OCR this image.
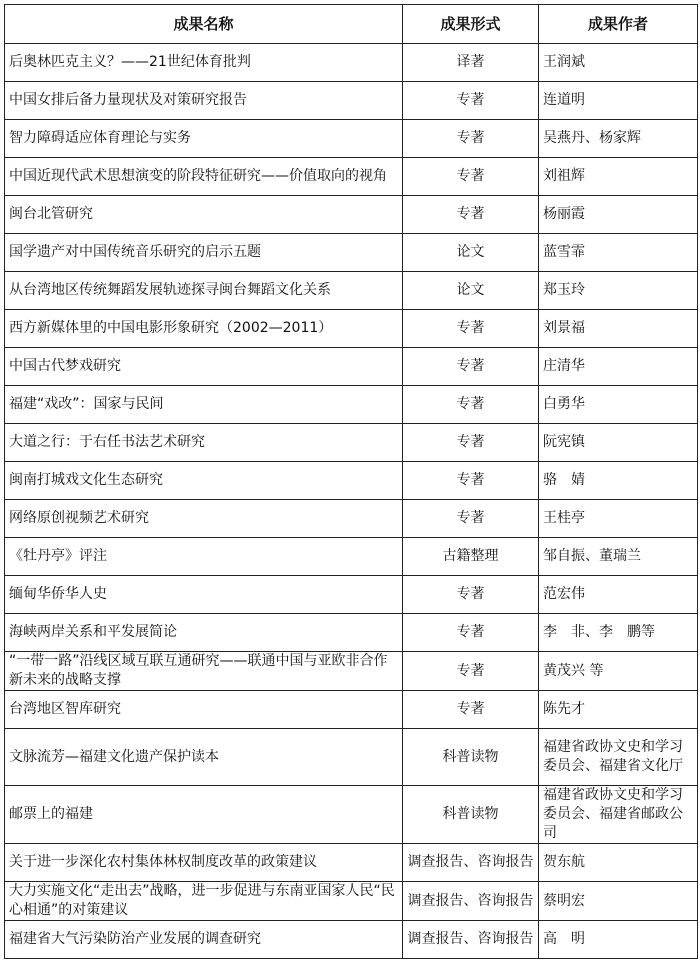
成果名称	成果形式	成果作者
后奥林匹克主义？——21世纪体育批判	译著	王润斌
中国女排后备力量现状及对策研究报告	专著	连道明
智力障碍适应体育理论与实务	专著	吴燕丹、杨家辉
中国近现代武术思想演变的阶段特征研究——价值取向的视角	专著	刘祖辉
闽台北管研究	专著	杨丽霞
国学遗产对中国传统音乐研究的启示五题	论文	蓝雪霏
从台湾地区传统舞蹈发展轨迹探寻闽台舞蹈文化关系	论文	郑玉玲
西方新媒体里的中国电影形象研究（2002—2011）	专著	刘景福
中国古代梦戏研究	专著	庄清华
福建“戏改”：国家与民间	专著	白勇华
大道之行：于右任书法艺术研究	专著	阮宪镇
闽南打城戏文化生态研究	专著	骆　婧
网络原创视频艺术研究	专著	王桂亭
《牡丹亭》评注	古籍整理	邹自振、董瑞兰
缅甸华侨华人史	专著	范宏伟
海峡两岸关系和平发展简论	专著	李　非、李　鹏等
“一带一路”沿线区域互联互通研究——联通中国与亚欧非合作新未来的战略支撑	专著	黄茂兴 等
台湾地区智库研究	专著	陈先才
文脉流芳—福建文化遗产保护读本	科普读物	福建省政协文史和学习委员会、福建省文化厅
邮票上的福建	科普读物	福建省政协文史和学习委员会、福建省邮政公司
关于进一步深化农村集体林权制度改革的政策建议	调查报告、咨询报告	贺东航
大力实施文化“走出去”战略，进一步促进与东南亚国家人民“民心相通”的对策建议	调查报告、咨询报告	蔡明宏
福建省大气污染防治产业发展的调查研究	调查报告、咨询报告	高　明
